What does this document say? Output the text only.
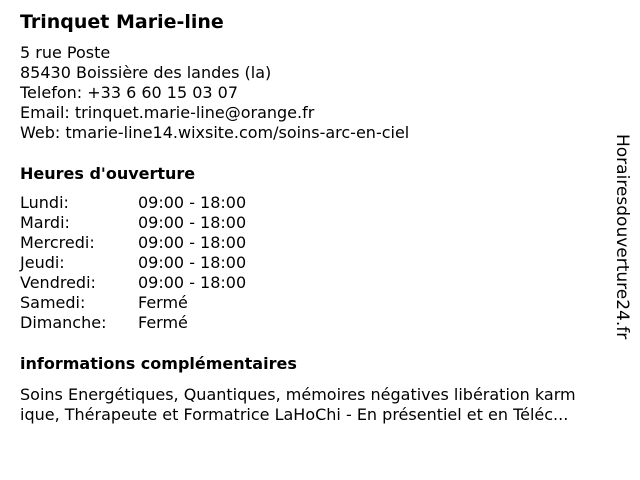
Trinquet Marie-line
5 rue Poste
85430 Boissière des landes (la)
Telefon: +33 6 60 15 03 07
Email: trinquet.marie-line@orange.fr
Web: tmarie-line14.wixsite.com/soins-arc-en-ciel
Heures d'ouverture
Lundi:	09:00 - 18:00
Mardi:	09:00 - 18:00
Mercredi:	09:00 - 18:00
Jeudi:	09:00 - 18:00
Vendredi:	09:00 - 18:00
Samedi:	Fermé
Dimanche: Fermé
informations complémentaires
Soins Energétiques, Quantiques, mémoires négatives libération karm
ique, Thérapeute et Formatrice LaHoChi - En présentiel et en Téléc...
Horairesdouverture24.fr
